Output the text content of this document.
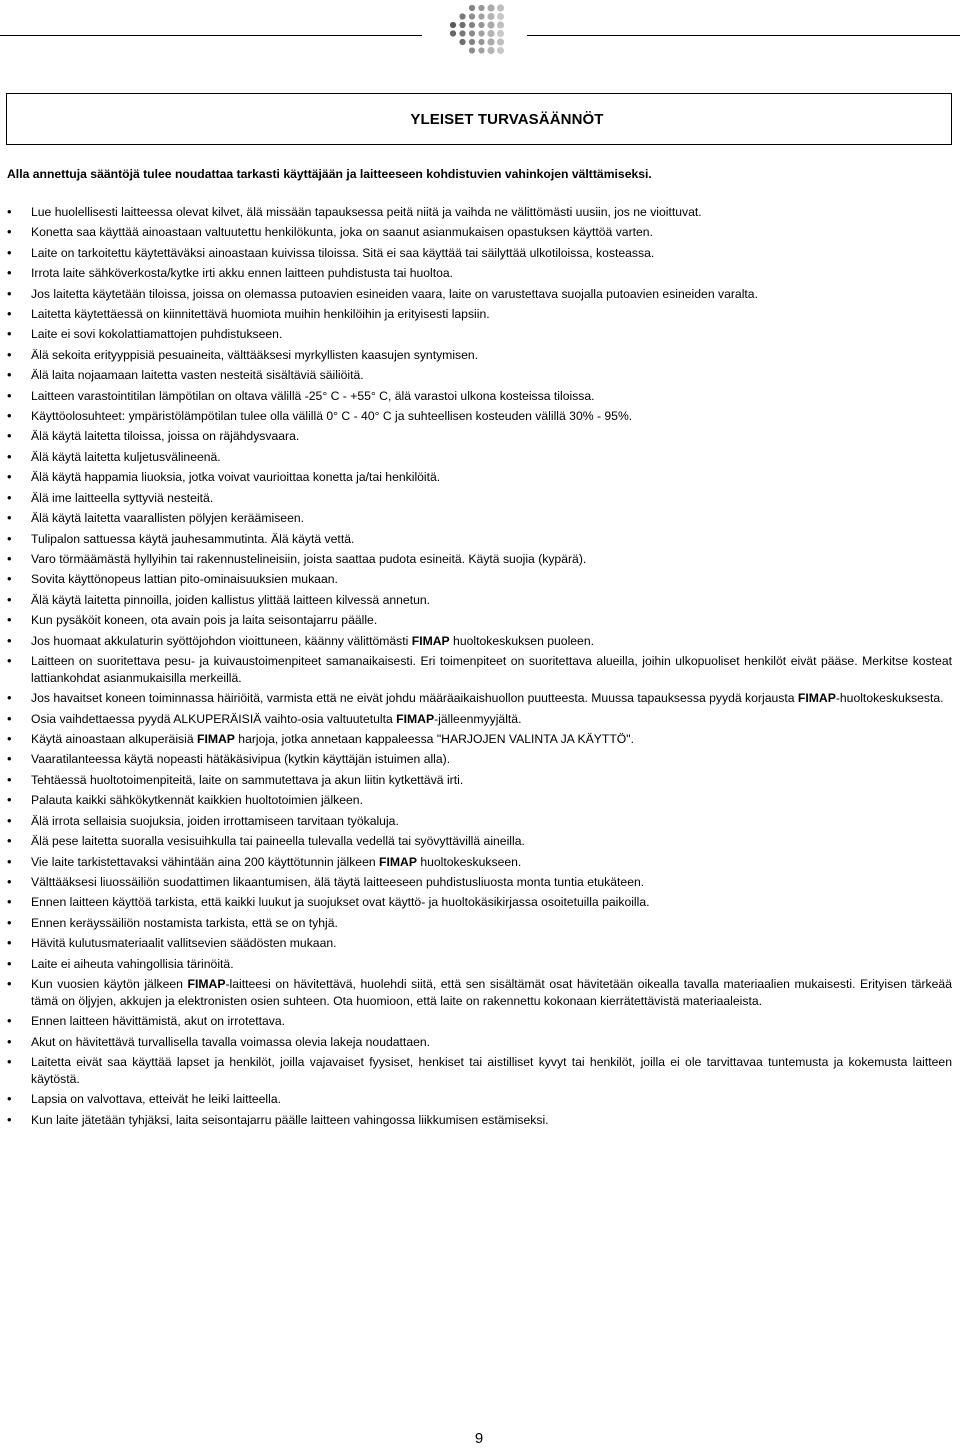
YLEISET TURVASÄÄNNÖT

Alla annettuja sääntöjä tulee noudattaa tarkasti käyttäjään ja laitteeseen kohdistuvien vahinkojen välttämiseksi.

• Lue huolellisesti laitteessa olevat kilvet, älä missään tapauksessa peitä niitä ja vaihda ne välittömästi uusiin, jos ne vioittuvat.
• Konetta saa käyttää ainoastaan valtuutettu henkilökunta, joka on saanut asianmukaisen opastuksen käyttöä varten.
• Laite on tarkoitettu käytettäväksi ainoastaan kuivissa tiloissa. Sitä ei saa käyttää tai säilyttää ulkotiloissa, kosteassa.
• Irrota laite sähköverkosta/kytke irti akku ennen laitteen puhdistusta tai huoltoa.
• Jos laitetta käytetään tiloissa, joissa on olemassa putoavien esineiden vaara, laite on varustettava suojalla putoavien esineiden varalta.
• Laitetta käytettäessä on kiinnitettävä huomiota muihin henkilöihin ja erityisesti lapsiin.
• Laite ei sovi kokolattiamattojen puhdistukseen.
• Älä sekoita erityyppisiä pesuaineita, välttääksesi myrkyllisten kaasujen syntymisen.
• Älä laita nojaamaan laitetta vasten nesteitä sisältäviä säiliöitä.
• Laitteen varastointitilan lämpötilan on oltava välillä -25° C - +55° C, älä varastoi ulkona kosteissa tiloissa.
• Käyttöolosuhteet: ympäristölämpötilan tulee olla välillä 0° C - 40° C ja suhteellisen kosteuden välillä 30% - 95%.
• Älä käytä laitetta tiloissa, joissa on räjähdysvaara.
• Älä käytä laitetta kuljetusvälineenä.
• Älä käytä happamia liuoksia, jotka voivat vaurioittaa konetta ja/tai henkilöitä.
• Älä ime laitteella syttyviä nesteitä.
• Älä käytä laitetta vaarallisten pölyjen keräämiseen.
• Tulipalon sattuessa käytä jauhesammutinta. Älä käytä vettä.
• Varo törmäämästä hyllyihin tai rakennustelineisiin, joista saattaa pudota esineitä. Käytä suojia (kypärä).
• Sovita käyttönopeus lattian pito-ominaisuuksien mukaan.
• Älä käytä laitetta pinnoilla, joiden kallistus ylittää laitteen kilvessä annetun.
• Kun pysäköit koneen, ota avain pois ja laita seisontajarru päälle.
• Jos huomaat akkulaturin syöttöjohdon vioittuneen, käänny välittömästi FIMAP huoltokeskuksen puoleen.
• Laitteen on suoritettava pesu- ja kuivaustoimenpiteet samanaikaisesti. Eri toimenpiteet on suoritettava alueilla, joihin ulkopuoliset henkilöt eivät pääse. Merkitse kosteat lattiankohdat asianmukaisilla merkeillä.
• Jos havaitset koneen toiminnassa häiriöitä, varmista että ne eivät johdu määräaikaishuollon puutteesta. Muussa tapauksessa pyydä korjausta FIMAP-huoltokeskuksesta.
• Osia vaihdettaessa pyydä ALKUPERÄISIÄ vaihto-osia valtuutetulta FIMAP-jälleenmyyjältä.
• Käytä ainoastaan alkuperäisiä FIMAP harjoja, jotka annetaan kappaleessa "HARJOJEN VALINTA JA KÄYTTÖ".
• Vaaratilanteessa käytä nopeasti hätäkäsivipua (kytkin käyttäjän istuimen alla).
• Tehtäessä huoltotoimenpiteitä, laite on sammutettava ja akun liitin kytkettävä irti.
• Palauta kaikki sähkökytkennät kaikkien huoltotoimien jälkeen.
• Älä irrota sellaisia suojuksia, joiden irrottamiseen tarvitaan työkaluja.
• Älä pese laitetta suoralla vesisuihkulla tai paineella tulevalla vedellä tai syövyttävillä aineilla.
• Vie laite tarkistettavaksi vähintään aina 200 käyttötunnin jälkeen FIMAP huoltokeskukseen.
• Välttääksesi liuossäiliön suodattimen likaantumisen, älä täytä laitteeseen puhdistusliuosta monta tuntia etukäteen.
• Ennen laitteen käyttöä tarkista, että kaikki luukut ja suojukset ovat käyttö- ja huoltokäsikirjassa osoitetuilla paikoilla.
• Ennen keräyssäiliön nostamista tarkista, että se on tyhjä.
• Hävitä kulutusmateriaalit vallitsevien säädösten mukaan.
• Laite ei aiheuta vahingollisia tärinöitä.
• Kun vuosien käytön jälkeen FIMAP-laitteesi on hävitettävä, huolehdi siitä, että sen sisältämät osat hävitetään oikealla tavalla materiaalien mukaisesti. Erityisen tärkeää tämä on öljyjen, akkujen ja elektronisten osien suhteen. Ota huomioon, että laite on rakennettu kokonaan kierrätettävistä materiaaleista.
• Ennen laitteen hävittämistä, akut on irrotettava.
• Akut on hävitettävä turvallisella tavalla voimassa olevia lakeja noudattaen.
• Laitetta eivät saa käyttää lapset ja henkilöt, joilla vajavaiset fyysiset, henkiset tai aistilliset kyvyt tai henkilöt, joilla ei ole tarvittavaa tuntemusta ja kokemusta laitteen käytöstä.
• Lapsia on valvottava, etteivät he leiki laitteella.
• Kun laite jätetään tyhjäksi, laita seisontajarru päälle laitteen vahingossa liikkumisen estämiseksi.
9
